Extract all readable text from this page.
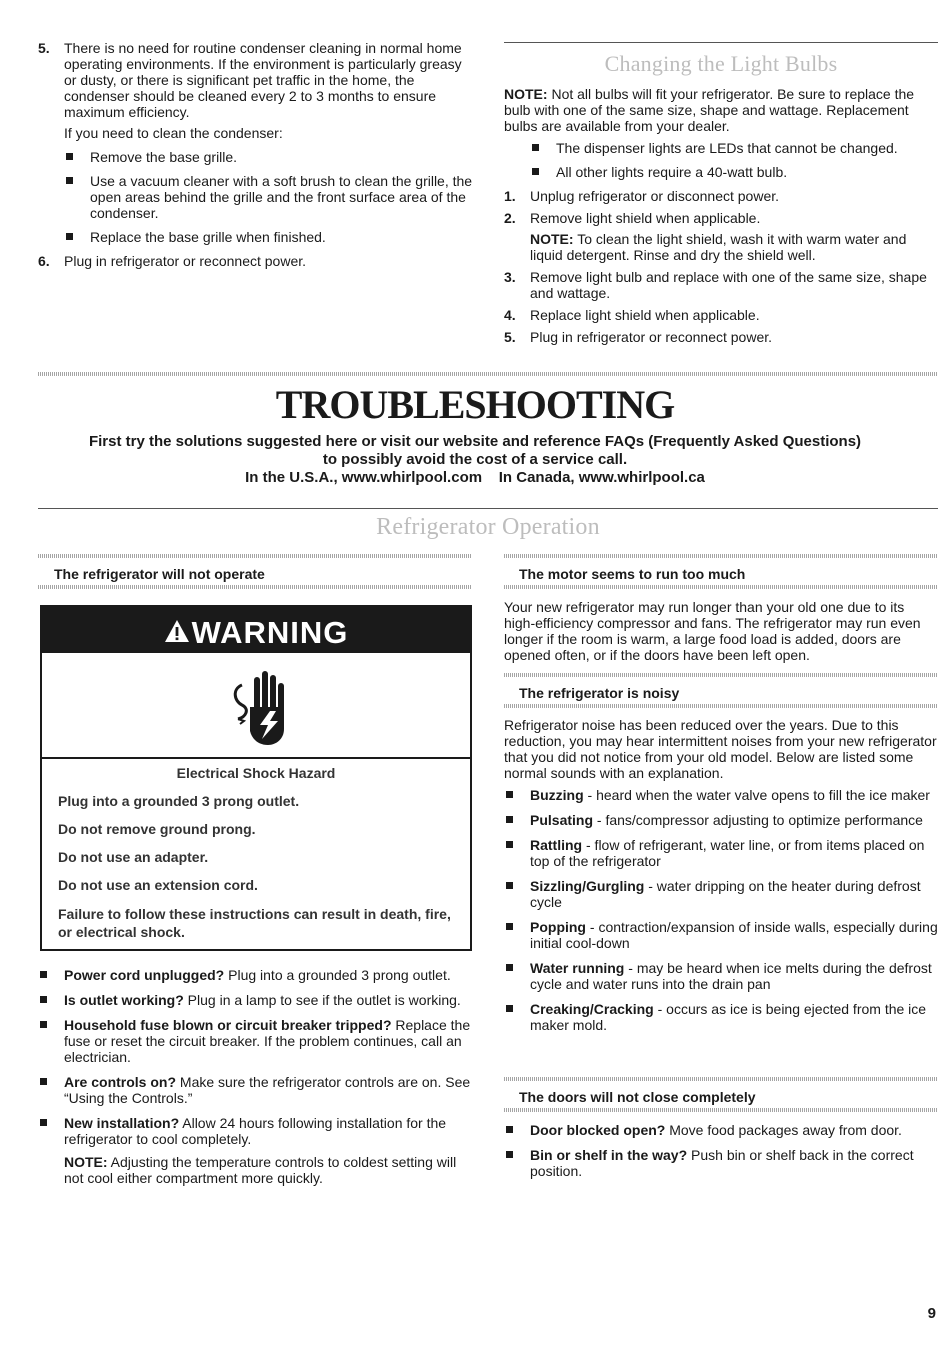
5. There is no need for routine condenser cleaning in normal home operating environments. If the environment is particularly greasy or dusty, or there is significant pet traffic in the home, the condenser should be cleaned every 2 to 3 months to ensure maximum efficiency.

If you need to clean the condenser:

Remove the base grille.

Use a vacuum cleaner with a soft brush to clean the grille, the open areas behind the grille and the front surface area of the condenser.

Replace the base grille when finished.

6. Plug in refrigerator or reconnect power.

Changing the Light Bulbs

NOTE: Not all bulbs will fit your refrigerator. Be sure to replace the bulb with one of the same size, shape and wattage. Replacement bulbs are available from your dealer.

The dispenser lights are LEDs that cannot be changed.

All other lights require a 40-watt bulb.

1. Unplug refrigerator or disconnect power.

2. Remove light shield when applicable.

NOTE: To clean the light shield, wash it with warm water and liquid detergent. Rinse and dry the shield well.

3. Remove light bulb and replace with one of the same size, shape and wattage.

4. Replace light shield when applicable.

5. Plug in refrigerator or reconnect power.

TROUBLESHOOTING
First try the solutions suggested here or visit our website and reference FAQs (Frequently Asked Questions)
to possibly avoid the cost of a service call.
In the U.S.A., www.whirlpool.com    In Canada, www.whirlpool.ca
Refrigerator Operation
The refrigerator will not operate
WARNING
Electrical Shock Hazard
Plug into a grounded 3 prong outlet.
Do not remove ground prong.
Do not use an adapter.
Do not use an extension cord.
Failure to follow these instructions can result in death, fire, or electrical shock.

Power cord unplugged? Plug into a grounded 3 prong outlet.

Is outlet working? Plug in a lamp to see if the outlet is working.

Household fuse blown or circuit breaker tripped? Replace the fuse or reset the circuit breaker. If the problem continues, call an electrician.

Are controls on? Make sure the refrigerator controls are on. See “Using the Controls.”

New installation? Allow 24 hours following installation for the refrigerator to cool completely.

NOTE: Adjusting the temperature controls to coldest setting will not cool either compartment more quickly.

The motor seems to run too much

Your new refrigerator may run longer than your old one due to its high-efficiency compressor and fans. The refrigerator may run even longer if the room is warm, a large food load is added, doors are opened often, or if the doors have been left open.

The refrigerator is noisy

Refrigerator noise has been reduced over the years. Due to this reduction, you may hear intermittent noises from your new refrigerator that you did not notice from your old model. Below are listed some normal sounds with an explanation.

Buzzing - heard when the water valve opens to fill the ice maker

Pulsating - fans/compressor adjusting to optimize performance

Rattling - flow of refrigerant, water line, or from items placed on top of the refrigerator

Sizzling/Gurgling - water dripping on the heater during defrost cycle

Popping - contraction/expansion of inside walls, especially during initial cool-down

Water running - may be heard when ice melts during the defrost cycle and water runs into the drain pan

Creaking/Cracking - occurs as ice is being ejected from the ice maker mold.

The doors will not close completely

Door blocked open? Move food packages away from door.

Bin or shelf in the way? Push bin or shelf back in the correct position.

9
